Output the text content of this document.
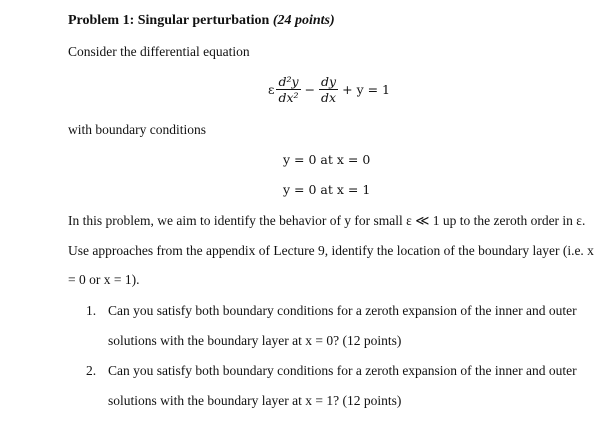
Problem 1: Singular perturbation (24 points)
Consider the differential equation
ε $\frac{\text{d²y}}{\text{dx²}} - \frac{dy}{dx} + y = 1$
with boundary conditions
y = 0 at x = 0
y = 0 at x = 1
In this problem, we aim to identify the behavior of y for small ε ≪ 1 up to the zeroth order in ε.
Use approaches from the appendix of Lecture 9, identify the location of the boundary layer (i.e. x
= 0 or x = 1).
1. Can you satisfy both boundary conditions for a zeroth expansion of the inner and outer
solutions with the boundary layer at x = 0? (12 points)
2. Can you satisfy both boundary conditions for a zeroth expansion of the inner and outer
solutions with the boundary layer at x = 1? (12 points)
